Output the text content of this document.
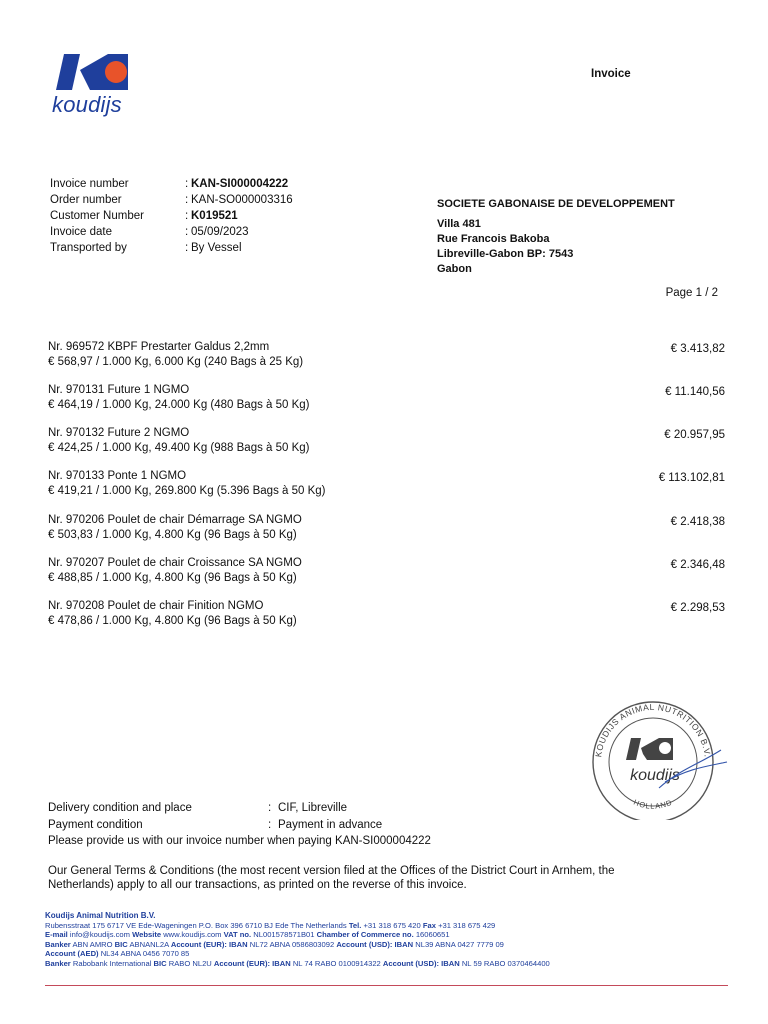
koudijs
Invoice
Invoice number	: KAN-SI000004222
Order number	: KAN-SO000003316
Customer Number	: K019521
Invoice date	: 05/09/2023
Transported by	: By Vessel
SOCIETE GABONAISE DE DEVELOPPEMENT
Villa 481
Rue Francois Bakoba
Libreville-Gabon BP: 7543
Gabon
Page 1 / 2
Nr. 969572 KBPF Prestarter Galdus 2,2mm
€ 568,97 / 1.000 Kg, 6.000 Kg (240 Bags à 25 Kg)
€ 3.413,82
Nr. 970131 Future 1 NGMO
€ 464,19 / 1.000 Kg, 24.000 Kg (480 Bags à 50 Kg)
€ 11.140,56
Nr. 970132 Future 2 NGMO
€ 424,25 / 1.000 Kg, 49.400 Kg (988 Bags à 50 Kg)
€ 20.957,95
Nr. 970133 Ponte 1 NGMO
€ 419,21 / 1.000 Kg, 269.800 Kg (5.396 Bags à 50 Kg)
€ 113.102,81
Nr. 970206 Poulet de chair Démarrage SA NGMO
€ 503,83 / 1.000 Kg, 4.800 Kg (96 Bags à 50 Kg)
€ 2.418,38
Nr. 970207 Poulet de chair Croissance SA NGMO
€ 488,85 / 1.000 Kg, 4.800 Kg (96 Bags à 50 Kg)
€ 2.346,48
Nr. 970208 Poulet de chair Finition NGMO
€ 478,86 / 1.000 Kg, 4.800 Kg (96 Bags à 50 Kg)
€ 2.298,53
KOUDIJS ANIMAL NUTRITION B.V.
HOLLAND
koudijs
Delivery condition and place	: CIF, Libreville
Payment condition	: Payment in advance
Please provide us with our invoice number when paying KAN-SI000004222
Our General Terms & Conditions (the most recent version filed at the Offices of the District Court in Arnhem, the Netherlands) apply to all our transactions, as printed on the reverse of this invoice.
Koudijs Animal Nutrition B.V.
Rubensstraat 175 6717 VE Ede-Wageningen P.O. Box 396 6710 BJ Ede The Netherlands Tel. +31 318 675 420 Fax +31 318 675 429
E-mail info@koudijs.com Website www.koudijs.com VAT no. NL001578571B01 Chamber of Commerce no. 16060651
Banker ABN AMRO BIC ABNANL2A Account (EUR): IBAN NL72 ABNA 0586803092 Account (USD): IBAN NL39 ABNA 0427 7779 09
Account (AED) NL34 ABNA 0456 7070 85
Banker Rabobank International BIC RABO NL2U Account (EUR): IBAN NL 74 RABO 0100914322 Account (USD): IBAN NL 59 RABO 0370464400
